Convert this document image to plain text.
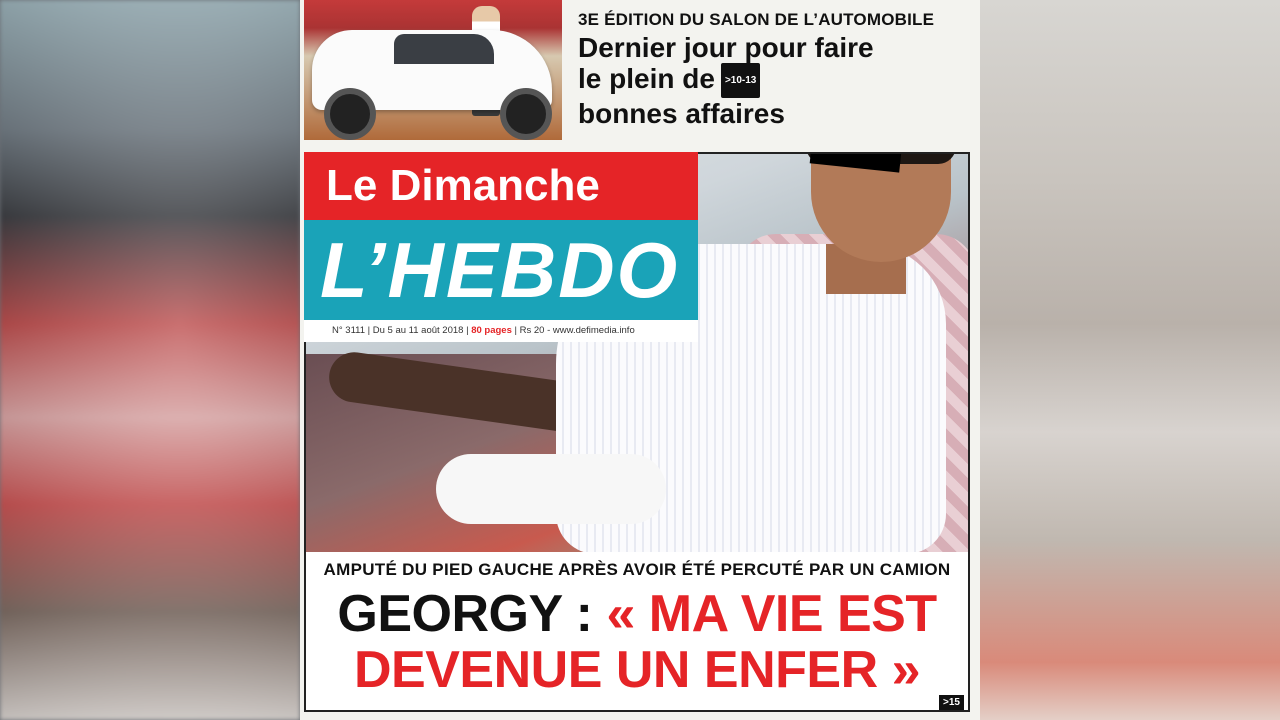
3E ÉDITION DU SALON DE L’AUTOMOBILE
Dernier jour pour faire
le plein de >10-13
bonnes affaires
Le Dimanche
L’HEBDO
N° 3111 | Du 5 au 11 août 2018 | 80 pages | Rs 20 - www.defimedia.info
AMPUTÉ DU PIED GAUCHE APRÈS AVOIR ÉTÉ PERCUTÉ PAR UN CAMION
GEORGY : « MA VIE EST
DEVENUE UN ENFER »
>15
